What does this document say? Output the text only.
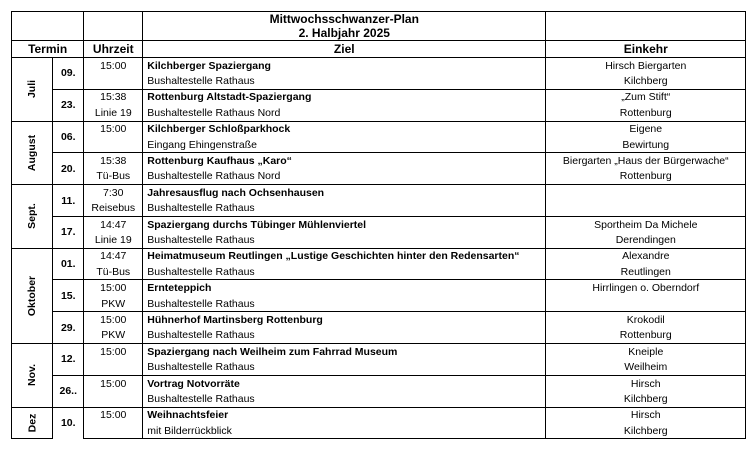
			Mittwochsschwanzer-Plan
2. Halbjahr 2025	

Termin		Uhrzeit	Ziel	Einkehr
Juli	09.	15:00	Kilchberger Spaziergang	Hirsch Biergarten
			Bushaltestelle Rathaus	Kilchberg
	23.	15:38	Rottenburg Altstadt-Spaziergang	„Zum Stift“
		Linie 19	Bushaltestelle Rathaus Nord	Rottenburg
August	06.	15:00	Kilchberger Schloßparkhock	Eigene
			Eingang Ehingenstraße	Bewirtung
	20.	15:38	Rottenburg Kaufhaus „Karo“	Biergarten „Haus der Bürgerwache“
		Tü-Bus	Bushaltestelle Rathaus Nord	Rottenburg
Sept.	11.	7:30	Jahresausflug nach Ochsenhausen	
		Reisebus	Bushaltestelle Rathaus	
	17.	14:47	Spaziergang durchs Tübinger Mühlenviertel	Sportheim Da Michele
		Linie 19	Bushaltestelle Rathaus	Derendingen
Oktober	01.	14:47	Heimatmuseum Reutlingen „Lustige Geschichten hinter den Redensarten“	Alexandre
		Tü-Bus	Bushaltestelle Rathaus	Reutlingen
	15.	15:00	Ernteteppich	Hirrlingen o. Oberndorf
		PKW	Bushaltestelle Rathaus	
	29.	15:00	Hühnerhof Martinsberg Rottenburg	Krokodil
		PKW	Bushaltestelle Rathaus	Rottenburg
Nov.	12.	15:00	Spaziergang nach Weilheim zum Fahrrad Museum	Kneiple
			Bushaltestelle Rathaus	Weilheim
	26..	15:00	Vortrag Notvorräte	Hirsch
			Bushaltestelle Rathaus	Kilchberg
Dez	10.	15:00	Weihnachtsfeier	Hirsch
			mit Bilderrückblick	Kilchberg
